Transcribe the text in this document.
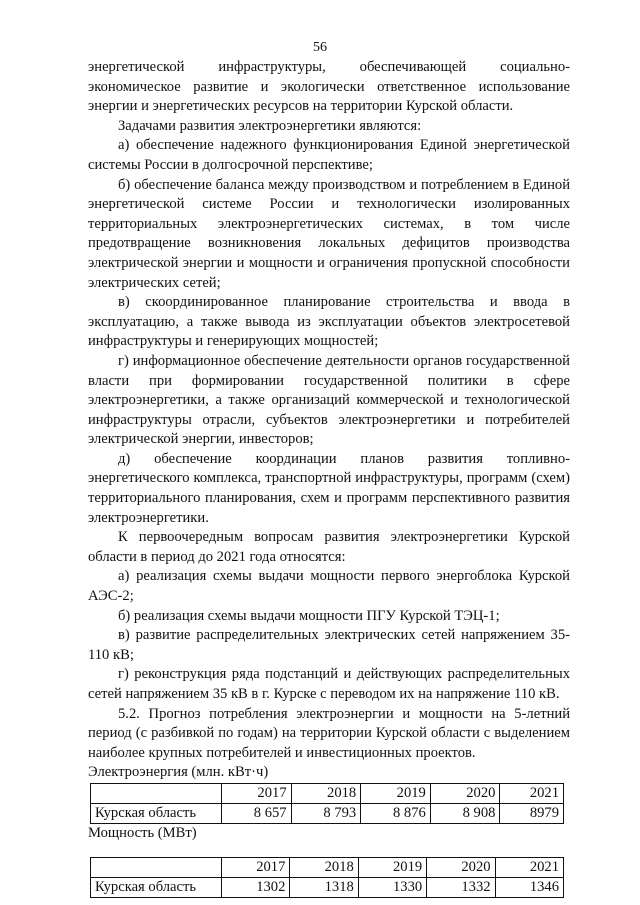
56

энергетической инфраструктуры, обеспечивающей социально-экономическое развитие и экологически ответственное использование энергии и энергетических ресурсов на территории Курской области.

Задачами развития электроэнергетики являются:

а) обеспечение надежного функционирования Единой энергетической системы России в долгосрочной перспективе;

б) обеспечение баланса между производством и потреблением в Единой энергетической системе России и технологически изолированных территориальных электроэнергетических системах, в том числе предотвращение возникновения локальных дефицитов производства электрической энергии и мощности и ограничения пропускной способности электрических сетей;

в) скоординированное планирование строительства и ввода в эксплуатацию, а также вывода из эксплуатации объектов электросетевой инфраструктуры и генерирующих мощностей;

г) информационное обеспечение деятельности органов государственной власти при формировании государственной политики в сфере электроэнергетики, а также организаций коммерческой и технологической инфраструктуры отрасли, субъектов электроэнергетики и потребителей электрической энергии, инвесторов;

д) обеспечение координации планов развития топливно-энергетического комплекса, транспортной инфраструктуры, программ (схем) территориального планирования, схем и программ перспективного развития электроэнергетики.

К первоочередным вопросам развития электроэнергетики Курской области в период до 2021 года относятся:

а) реализация схемы выдачи мощности первого энергоблока Курской АЭС-2;

б) реализация схемы выдачи мощности ПГУ Курской ТЭЦ-1;

в) развитие распределительных электрических сетей напряжением 35-110 кВ;

г) реконструкция ряда подстанций и действующих распределительных сетей напряжением 35 кВ в г. Курске с переводом их на напряжение 110 кВ.

5.2. Прогноз потребления электроэнергии и мощности на 5-летний период (с разбивкой по годам) на территории Курской области с выделением наиболее крупных потребителей и инвестиционных проектов.

Электроэнергия (млн. кВт·ч)

	2017	2018	2019	2020	2021
Курская область	8 657	8 793	8 876	8 908	8979

Мощность (МВт)

	2017	2018	2019	2020	2021
Курская область	1302	1318	1330	1332	1346
